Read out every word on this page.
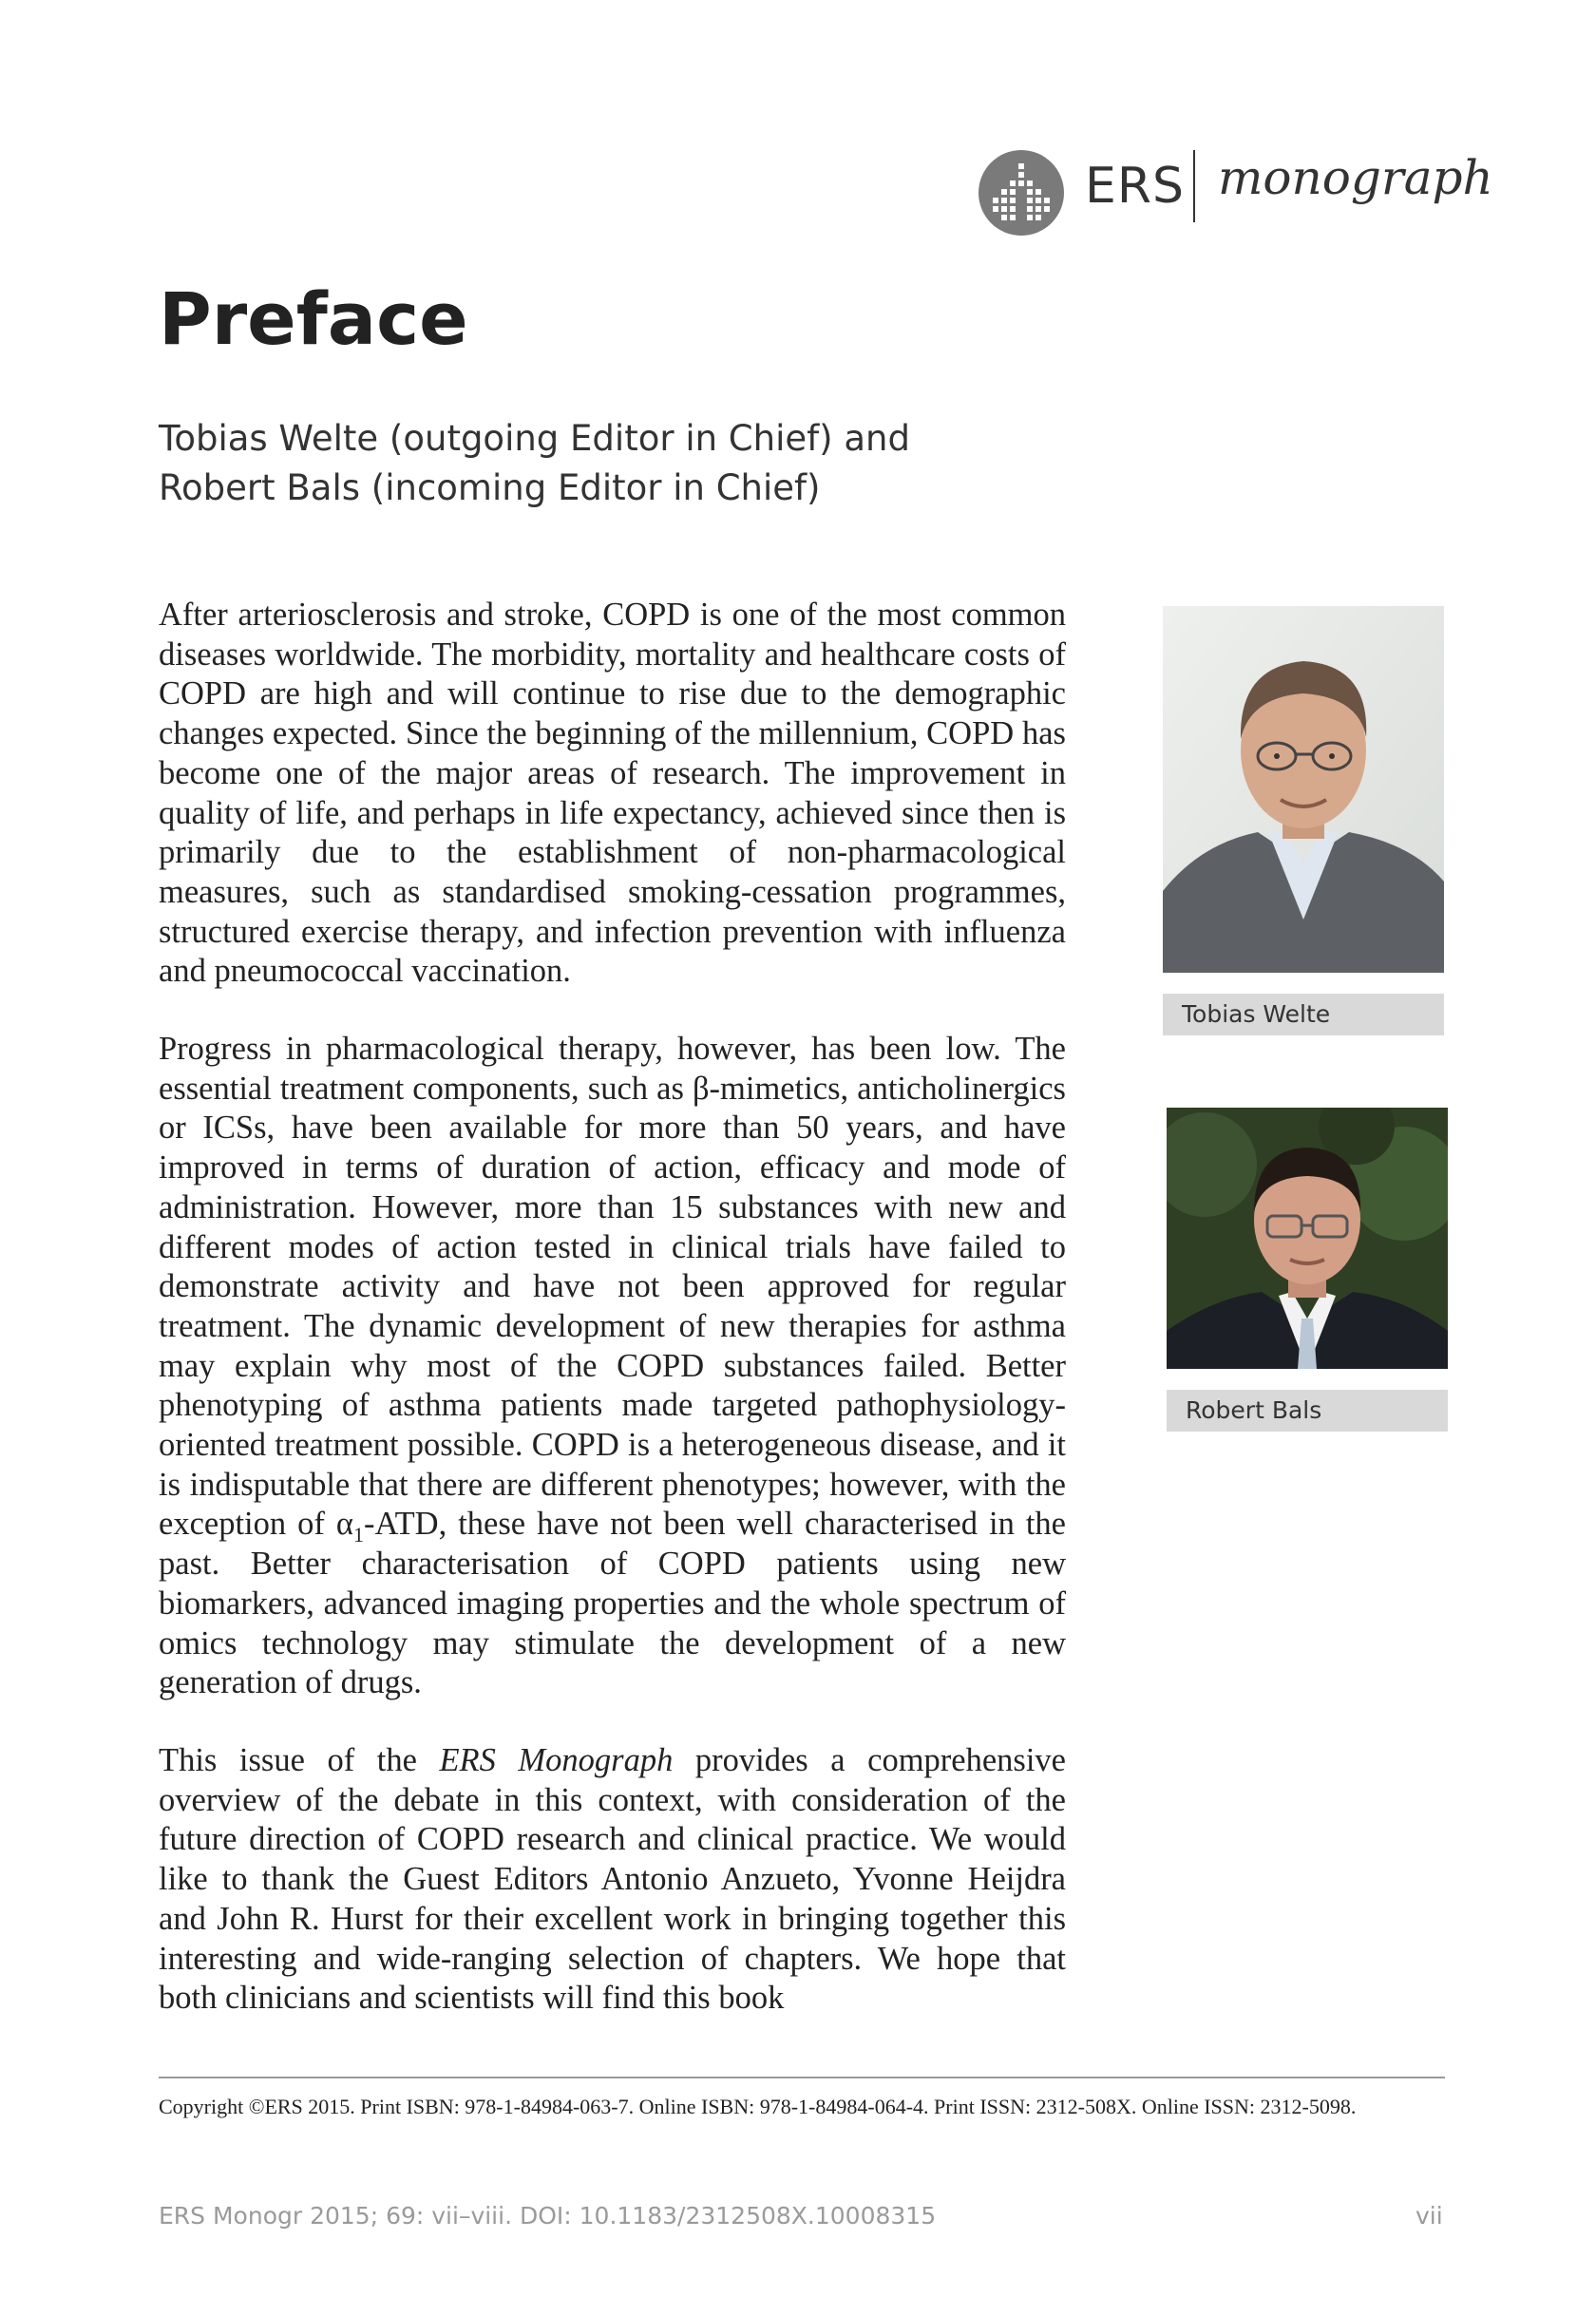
ERS monograph
Preface
Tobias Welte (outgoing Editor in Chief) and
Robert Bals (incoming Editor in Chief)

After arteriosclerosis and stroke, COPD is one of the most common diseases worldwide. The morbidity, mortality and healthcare costs of COPD are high and will continue to rise due to the demographic changes expected. Since the beginning of the millennium, COPD has become one of the major areas of research. The improvement in quality of life, and perhaps in life expectancy, achieved since then is primarily due to the establishment of non-pharmacological measures, such as standardised smoking-cessation programmes, structured exercise therapy, and infection prevention with influenza and pneumococcal vaccination.

Progress in pharmacological therapy, however, has been low. The essential treatment components, such as β-mimetics, anticholinergics or ICSs, have been available for more than 50 years, and have improved in terms of duration of action, efficacy and mode of administration. However, more than 15 substances with new and different modes of action tested in clinical trials have failed to demonstrate activity and have not been approved for regular treatment. The dynamic development of new therapies for asthma may explain why most of the COPD substances failed. Better phenotyping of asthma patients made targeted pathophysiology-oriented treatment possible. COPD is a heterogeneous disease, and it is indisputable that there are different phenotypes; however, with the exception of $\alpha_1$-ATD, these have not been well characterised in the past. Better characterisation of COPD patients using new biomarkers, advanced imaging properties and the whole spectrum of omics technology may stimulate the development of a new generation of drugs.

This issue of the ERS Monograph provides a comprehensive overview of the debate in this context, with consideration of the future direction of COPD research and clinical practice. We would like to thank the Guest Editors Antonio Anzueto, Yvonne Heijdra and John R. Hurst for their excellent work in bringing together this interesting and wide-ranging selection of chapters. We hope that both clinicians and scientists will find this book

Tobias Welte
Robert Bals
Copyright ©ERS 2015. Print ISBN: 978-1-84984-063-7. Online ISBN: 978-1-84984-064-4. Print ISSN: 2312-508X. Online ISSN: 2312-5098.
ERS Monogr 2015; 69: vii–viii. DOI: 10.1183/2312508X.10008315	vii
